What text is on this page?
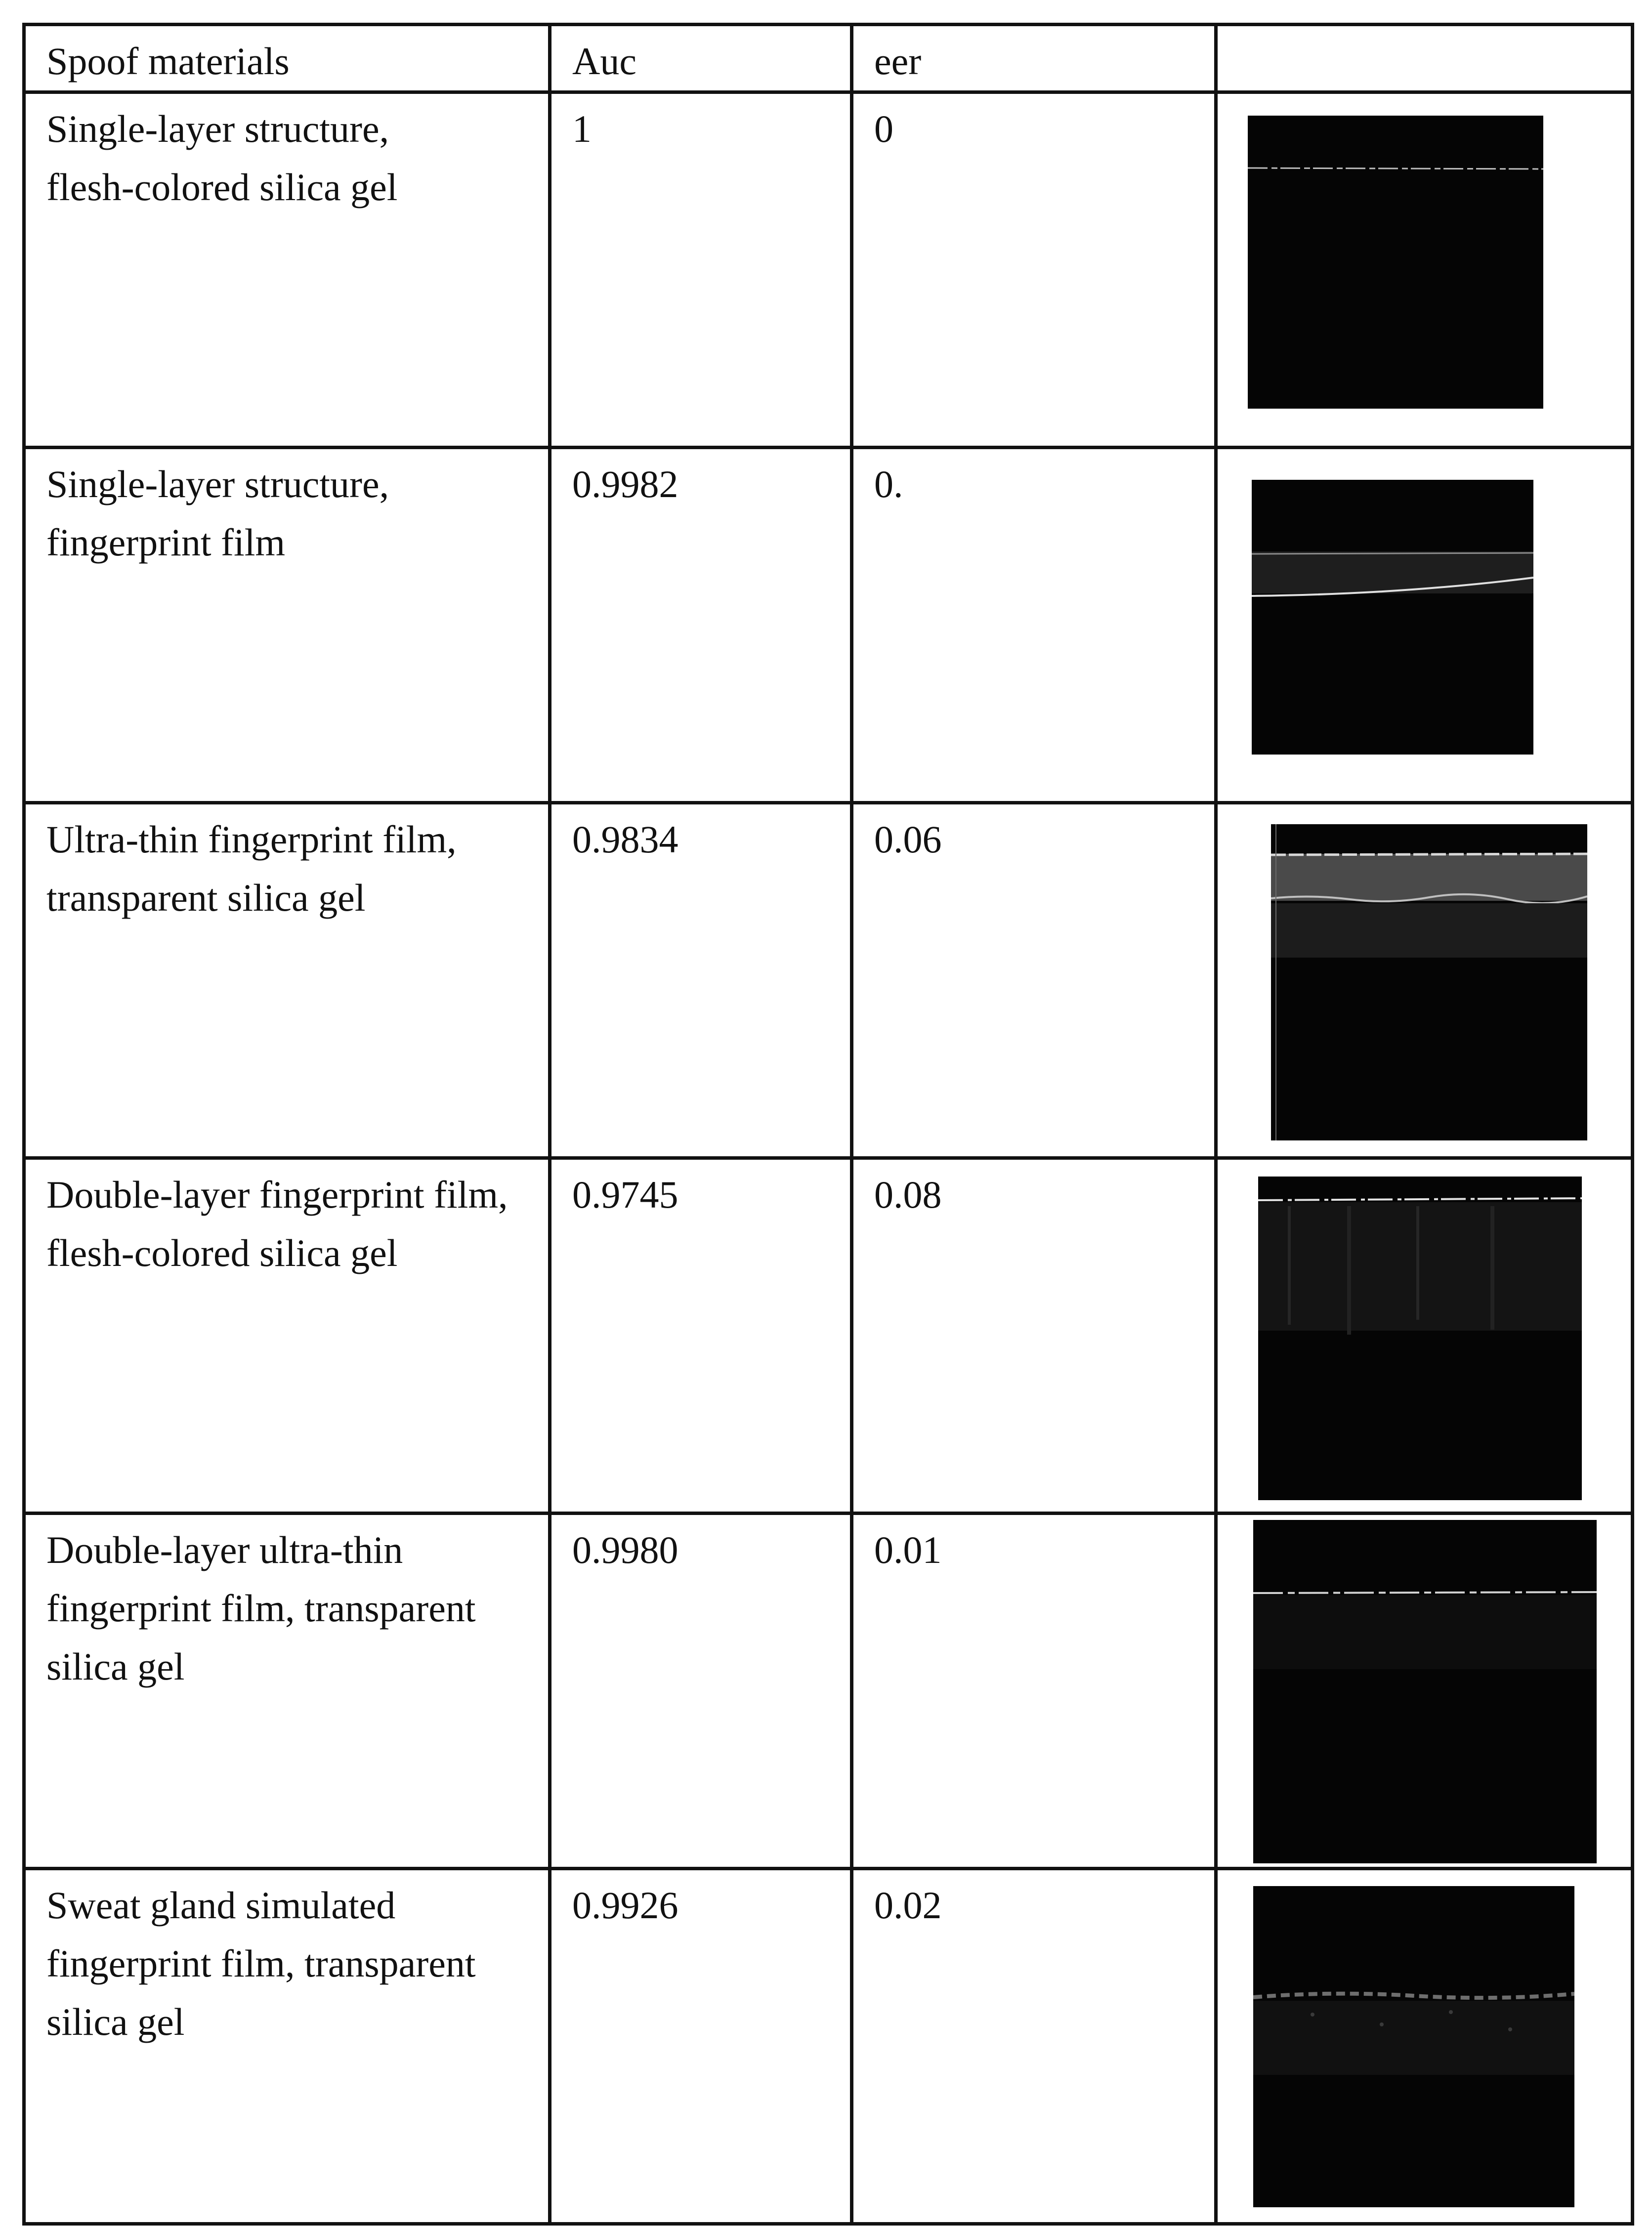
Spoof materials	Auc	eer	

Single-layer structure,
flesh-colored silica gel	1	0

Single-layer structure,
fingerprint film	0.9982	0.

Ultra-thin fingerprint film,
transparent silica gel	0.9834	0.06

Double-layer fingerprint film,
flesh-colored silica gel	0.9745	0.08

Double-layer ultra-thin
fingerprint film, transparent
silica gel	0.9980	0.01

Sweat gland simulated
fingerprint film, transparent
silica gel	0.9926	0.02
